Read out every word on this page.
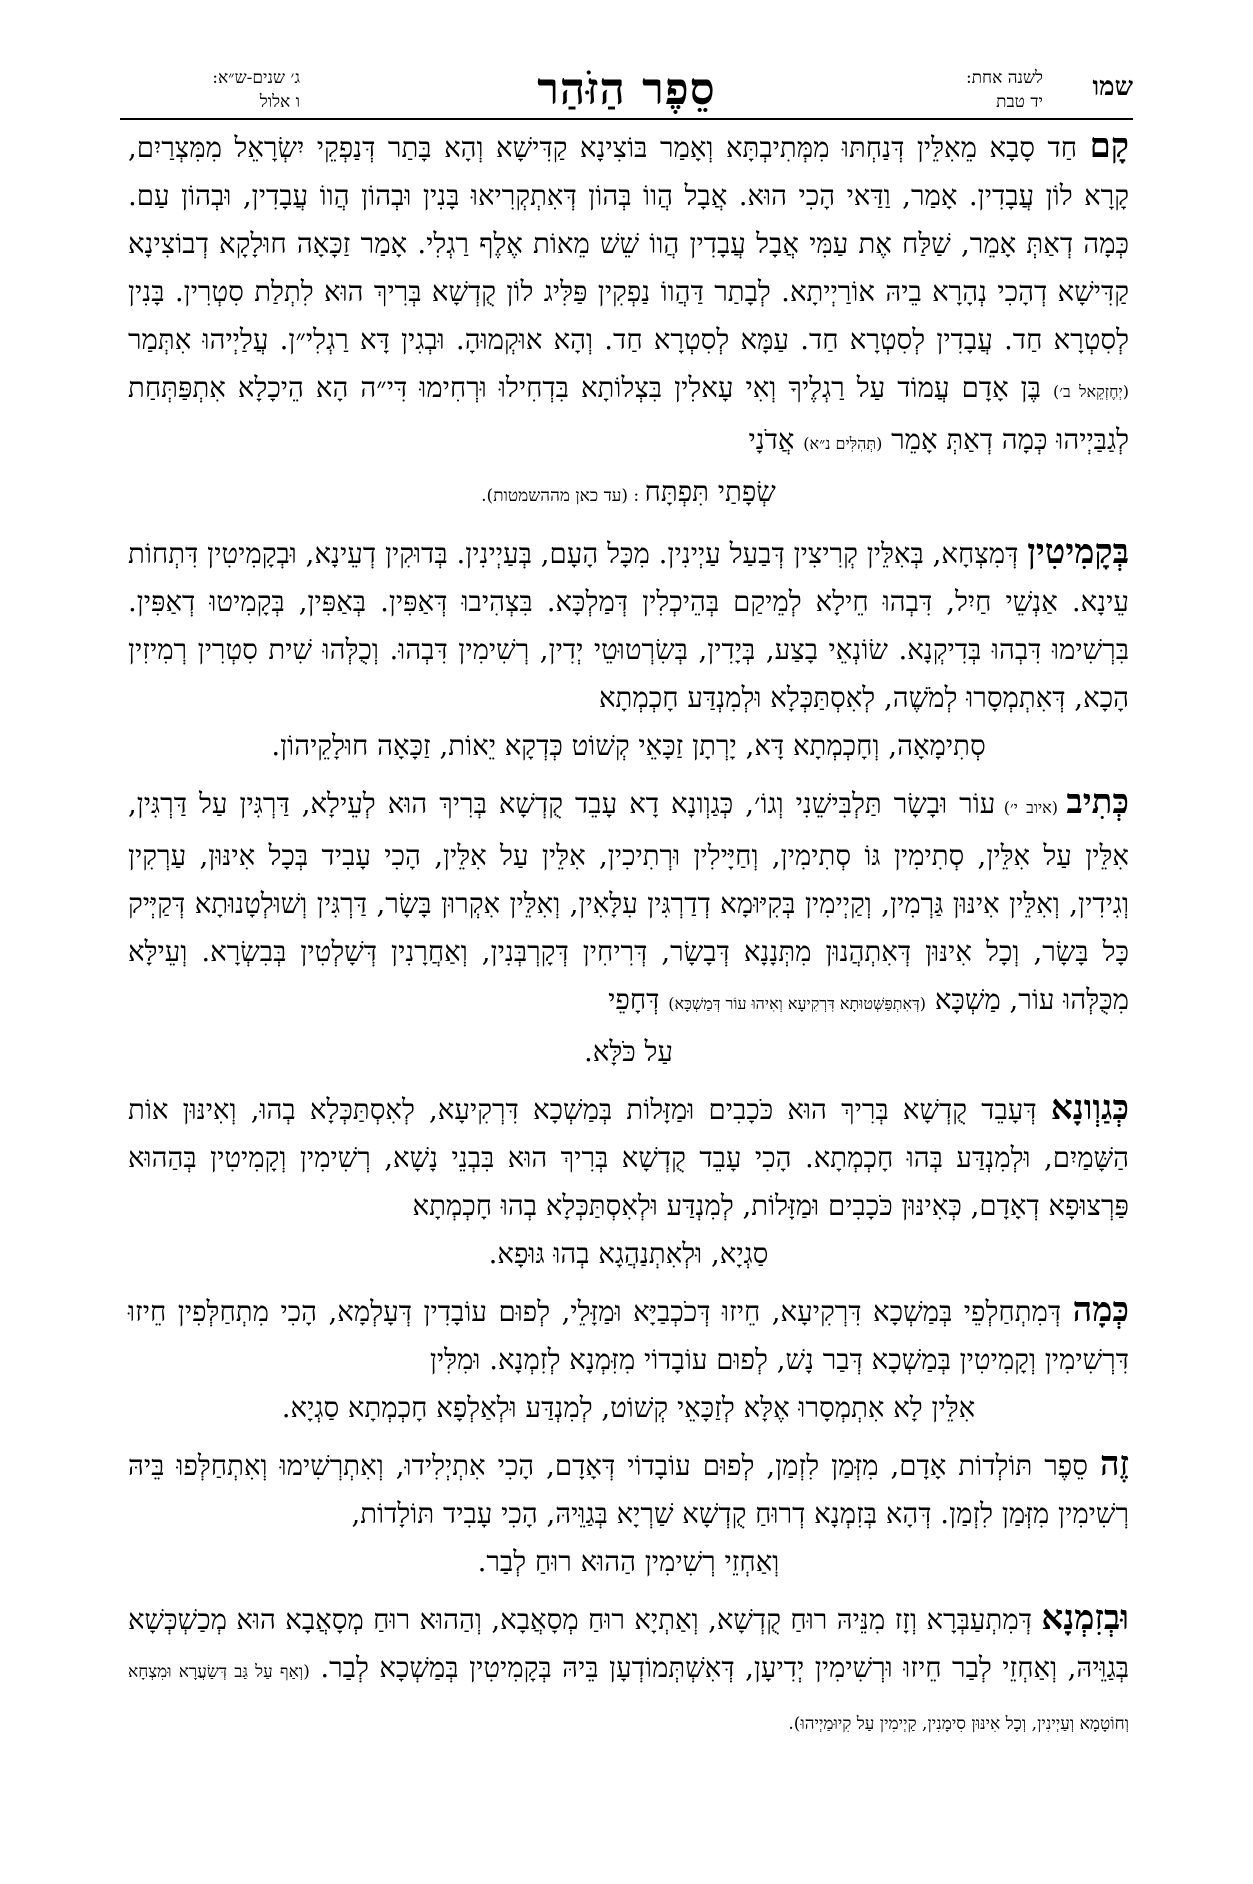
שמו
לשנה אחת:
יד טבת
סֵפֶר הַזֹּהַר
ג׳ שנים-ש״א:
ו אלול

קָם חַד סָבָא מֵאִלֵּין דְּנַחְתּוּ מִמְּתִיבְתָּא וְאָמַר בּוֹצִינָא קַדִּישָׁא וְהָא בָּתַר דְּנַפְקֵי יִשְׂרָאֵל מִמִּצְרַיִם, קָרָא לוֹן עֲבָדִין. אָמַר, וַדַּאי הָכִי הוּא. אֲבָל הֲווֹ בְּהוֹן דְּאִתְקְרִיאוּ בָּנִין וּבְהוֹן הֲווֹ עֲבָדִין, וּבְהוֹן עַם. כְּמָה דְאַתְּ אָמֵר, שַׁלַּח אֶת עַמִּי אֲבָל עֲבָדִין הֲווֹ שֵׁשׁ מֵאוֹת אֶלֶף רַגְלִי. אָמַר זַכָּאָה חוּלָקָא דְבוֹצִינָא קַדִּישָׁא דְהָכִי נְהָרָא בֵיהּ אוֹרַיְיתָא. לְבָתַר דַּהֲווֹ נַפְקִין פַּלִּיג לוֹן קֻדְשָׁא בְּרִיךְ הוּא לִתְלַת סִטְרִין. בָּנִין לְסִטְרָא חַד. עֲבָדִין לְסִטְרָא חַד. עַמָּא לְסִטְרָא חַד. וְהָא אוּקְמוּהָ. וּבְגִין דָּא רַגְלִי״ן. עֲלַיְיהוּ אִתְּמַר (יְחֶזְקֵאל ב׳) בֶּן אָדָם עֲמוֹד עַל רַגְלֶיךָ וְאִי עָאלִין בִּצְלוֹתָא בִּדְחִילוּ וּרְחִימוּ דִּי״ה הָא הֵיכָלָא אִתְפַּתְּחַת לְגַבַּיְיהוּ כְּמָה דְאַתְּ אָמֵר (תְּהִלִּים נ״א) אֲדֹנָי

שְׂפָתַי תִּפְתָּח : (עד כאן מההשמטות).

בְּקָמִיטִין דְּמִצְחָא, בְּאִלֵּין קְרִיצִין דְּבַעַל עַיְינִין. מִכָּל הָעָם, בְּעַיְינִין. בְּדוּקִין דְעֵינָא, וּבְקָמִיטִין דִּתְחוֹת עֵינָא. אַנְשֵׁי חַיִל, דִּבְהוּ חֵילָא לְמֵיקַם בְּהֵיכְלִין דְּמַלְכָּא. בִּצְהִיבוּ דְּאַפִּין. בְּאַפִּין, בְּקָמִיטוּ דְאַפִּין. בִּרְשִׁימוּ דִּבְהוּ בְּדִיקְנָא. שׂוֹנְאֵי בָצַע, בְּיָדִין, בְּשִׂרְטוּטֵי יְדִין, רְשִׁימִין דִּבְהוּ. וְכֻלְּהוּ שִׁית סִטְרִין רְמִיזִין הָכָא, דְּאִתְמְסָרוּ לְמֹשֶׁה, לְאִסְתַּכְּלָא וּלְמִנְדַּע חָכְמְתָא

סְתִימָאָה, וְחָכְמְתָא דָּא, יָרְתָן זַכָּאֵי קְשׁוֹט כְּדְקָא יֵאוֹת, זַכָּאָה חוּלָקֵיהוֹן.

כְּתִיב (איוב י׳) עוֹר וּבָשָׂר תַּלְבִּישֵׁנִי וְגוֹ׳, כְּגַוְונָא דָא עָבֵד קֻדְשָׁא בְּרִיךְ הוּא לְעֵילָא, דַּרְגִּין עַל דַּרְגִּין, אִלֵּין עַל אִלֵּין, סְתִימִין גּוֹ סְתִימִין, וְחַיָּילִין וּרְתִיכִין, אִלֵּין עַל אִלֵּין, הָכִי עָבִיד בְּכָל אִינּוּן, עַרְקִין וְגִידִין, וְאִלֵּין אִינּוּן גַּרְמִין, וְקַיְימִין בְּקִיּוּמָא דְדַרְגִּין עִלָּאִין, וְאִלֵּין אִקְרוּן בָּשָׂר, דַּרְגִּין וְשׁוּלְטָנוּתָא דְּקַיְּיק כָּל בָּשָׂר, וְכָל אִינּוּן דְּאִתְהֲנוּן מִתְּנָנָא דְּבָשָׂר, דְּרִיחִין דְּקָרְבְּנִין, וְאַחֲרָנִין דְּשָׁלְטִין בְּבִשְׂרָא. וְעֵילָּא מִכֻּלְּהוּ עוֹר, מַשְׁכָּא (דְּאִתְפַּשְּׁטוּתָא דִּרְקִיעָא וְאִיהוּ עוֹר דְּמַשְׁכָּא) דְּחָפֵי

עַל כֹּלָּא.

כְּגַוְונָא דְּעָבֵד קֻדְשָׁא בְּרִיךְ הוּא כֹּכָבִים וּמַזָּלוֹת בְּמַשְׁכָא דִּרְקִיעָא, לְאִסְתַּכְּלָא בְהוּ, וְאִינּוּן אוֹת הַשָּׁמַיִם, וּלְמִנְדַּע בְּהוּ חָכְמְתָא. הָכִי עָבֵד קֻדְשָׁא בְּרִיךְ הוּא בִּבְנֵי נָשָׁא, רְשִׁימִין וְקָמִיטִין בְּהַהוּא פַּרְצוּפָא דְאָדָם, כְּאִינּוּן כֹּכָבִים וּמַזָּלוֹת, לְמִנְדַּע וּלְאִסְתַּכְּלָא בְהוּ חָכְמְתָא

סַגְיָא, וּלְאִתְנַהֲגָא בְהוּ גּוּפָא.

כְּמָה דְּמִתְחַלְפֵי בְּמַשְׁכָא דִּרְקִיעָא, חֵיזוּ דְּכֹכְבַיָּא וּמַזָּלֵי, לְפוּם עוֹבָדִין דְּעָלְמָא, הָכִי מִתְחַלְּפִין חֵיזוּ דִּרְשִׁימִין וְקָמִיטִין בְּמַשְׁכָא דְּבַר נָשׁ, לְפוּם עוֹבָדוֹי מִזִּמְנָא לְזִמְנָא. וּמִלִּין

אִלֵּין לָא אִתְמְסָרוּ אֶלָּא לְזַכָּאֵי קְשׁוֹט, לְמִנְדַּע וּלְאַלְפָא חָכְמְתָא סַגְיָא.

זֶה סֵפֶר תּוֹלְדוֹת אָדָם, מִזְּמַן לִזְמַן, לְפוּם עוֹבָדוֹי דְּאָדָם, הָכִי אִתְיְלִידוּ, וְאִתְרְשִׁימוּ וְאִתְחַלְּפוּ בֵּיהּ רְשִׁימִין מִזְּמַן לִזְמַן. דְּהָא בְּזִמְנָא דְרוּחַ קֻדְשָׁא שַׁרְיָא בְּגַוֵּיהּ, הָכִי עָבִיד תּוֹלָדוֹת,

וְאַחְזֵי רְשִׁימִין הַהוּא רוּחַ לְבַר.

וּבְזִמְנָא דְּמִתְעַבְּרָא וְזָז מִנֵּיהּ רוּחַ קֻדְשָׁא, וְאַתְיָא רוּחַ מְסָאֲבָא, וְהַהוּא רוּחַ מְסָאֲבָא הוּא מְכַשְׁכְּשָׁא בְּגַוֵּיהּ, וְאַחְזֵי לְבַר חֵיזוּ וּרְשִׁימִין יְדִיעָן, דְּאִשְׁתְּמוֹדְעָן בֵּיהּ בְּקָמִיטִין בְּמַשְׁכָא לְבַר. (וְאַף עַל גַּב דְּשַׂעֲרָא וּמִצְחָא וְחוֹטָמָא וְעַיְינִין, וְכָל אִינּוּן סִימָנִין, קַיְימִין עַל קִיוּמַיְיהוּ).
